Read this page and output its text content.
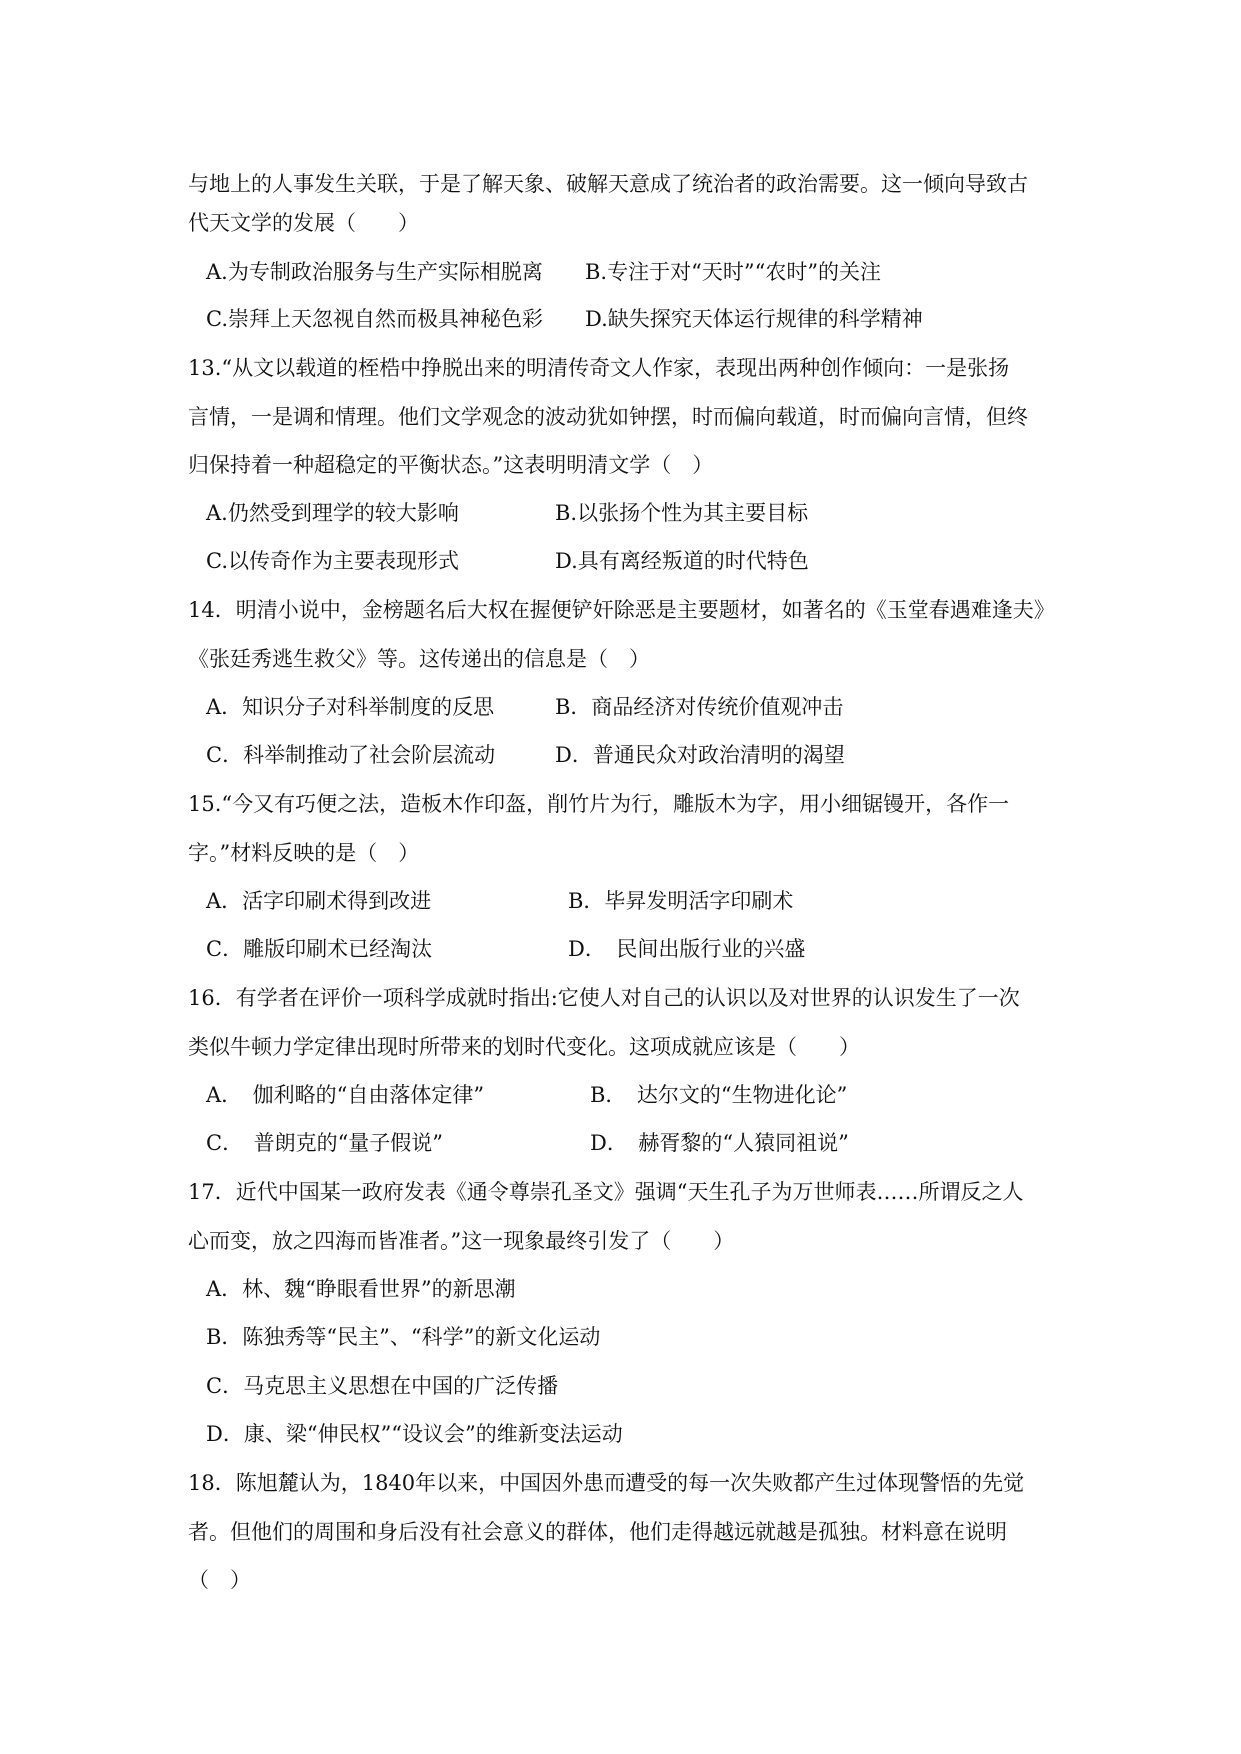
与地上的人事发生关联，于是了解天象、破解天意成了统治者的政治需要。这一倾向导致古
代天文学的发展（　　）
A.为专制政治服务与生产实际相脱离 B.专注于对“天时”“农时”的关注
C.崇拜上天忽视自然而极具神秘色彩 D.缺失探究天体运行规律的科学精神
13.“从文以载道的桎梏中挣脱出来的明清传奇文人作家，表现出两种创作倾向：一是张扬
言情，一是调和情理。他们文学观念的波动犹如钟摆，时而偏向载道，时而偏向言情，但终
归保持着一种超稳定的平衡状态。”这表明明清文学（　）
A.仍然受到理学的较大影响	B.以张扬个性为其主要目标
C.以传奇作为主要表现形式	D.具有离经叛道的时代特色
14．明清小说中，金榜题名后大权在握便铲奸除恶是主要题材，如著名的《玉堂春遇难逢夫》
《张廷秀逃生救父》等。这传递出的信息是（　）
A．知识分子对科举制度的反思	B．商品经济对传统价值观冲击
C．科举制推动了社会阶层流动	D．普通民众对政治清明的渴望
15.“今又有巧便之法，造板木作印盔，削竹片为行，雕版木为字，用小细锯镘开，各作一
字。”材料反映的是（　）
A．活字印刷术得到改进	B．毕昇发明活字印刷术
C．雕版印刷术已经淘汰	D．　民间出版行业的兴盛
16．有学者在评价一项科学成就时指出:它使人对自己的认识以及对世界的认识发生了一次
类似牛顿力学定律出现时所带来的划时代变化。这项成就应该是（　　）
A．　伽利略的“自由落体定律”	B．　达尔文的“生物进化论”
C．　普朗克的“量子假说”	D．　赫胥黎的“人猿同祖说”
17．近代中国某一政府发表《通令尊崇孔圣文》强调“天生孔子为万世师表……所谓反之人
心而变，放之四海而皆准者。”这一现象最终引发了（　　）
A．林、魏“睁眼看世界”的新思潮
B．陈独秀等“民主”、“科学”的新文化运动
C．马克思主义思想在中国的广泛传播
D．康、梁“伸民权”“设议会”的维新变法运动
18．陈旭麓认为，1840年以来，中国因外患而遭受的每一次失败都产生过体现警悟的先觉
者。但他们的周围和身后没有社会意义的群体，他们走得越远就越是孤独。材料意在说明
（　）
